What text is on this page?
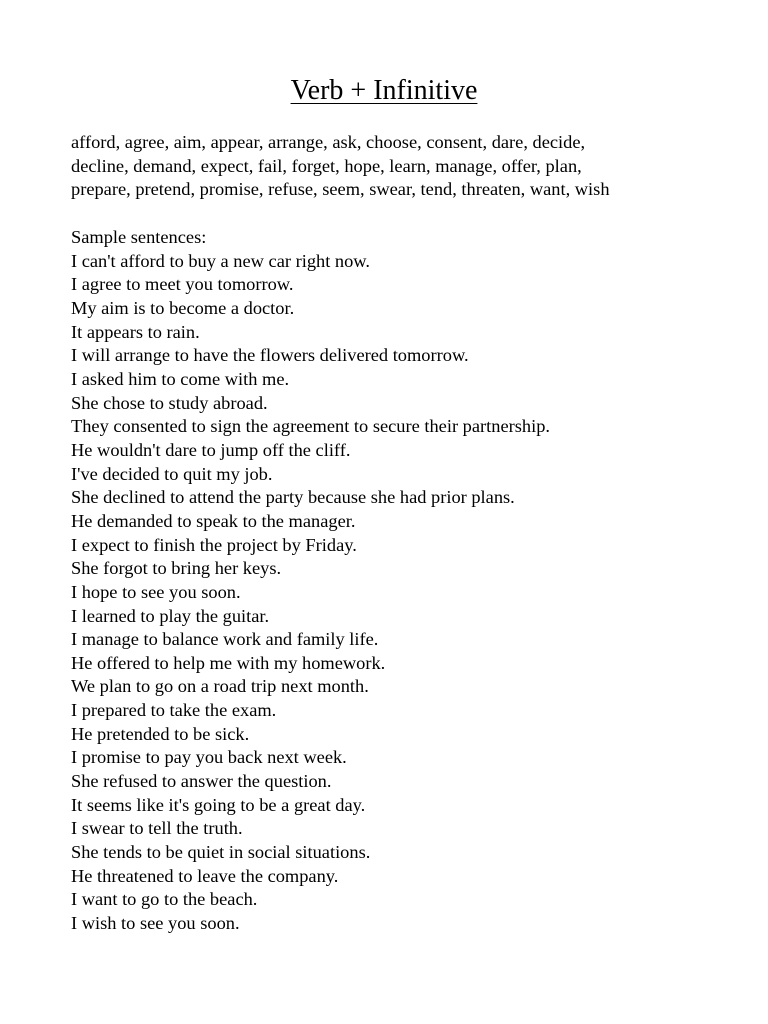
Verb + Infinitive
afford, agree, aim, appear, arrange, ask, choose, consent, dare, decide,
decline, demand, expect, fail, forget, hope, learn, manage, offer, plan,
prepare, pretend, promise, refuse, seem, swear, tend, threaten, want, wish
Sample sentences:
I can't afford to buy a new car right now.
I agree to meet you tomorrow.
My aim is to become a doctor.
It appears to rain.
I will arrange to have the flowers delivered tomorrow.
I asked him to come with me.
She chose to study abroad.
They consented to sign the agreement to secure their partnership.
He wouldn't dare to jump off the cliff.
I've decided to quit my job.
She declined to attend the party because she had prior plans.
He demanded to speak to the manager.
I expect to finish the project by Friday.
She forgot to bring her keys.
I hope to see you soon.
I learned to play the guitar.
I manage to balance work and family life.
He offered to help me with my homework.
We plan to go on a road trip next month.
I prepared to take the exam.
He pretended to be sick.
I promise to pay you back next week.
She refused to answer the question.
It seems like it's going to be a great day.
I swear to tell the truth.
She tends to be quiet in social situations.
He threatened to leave the company.
I want to go to the beach.
I wish to see you soon.
